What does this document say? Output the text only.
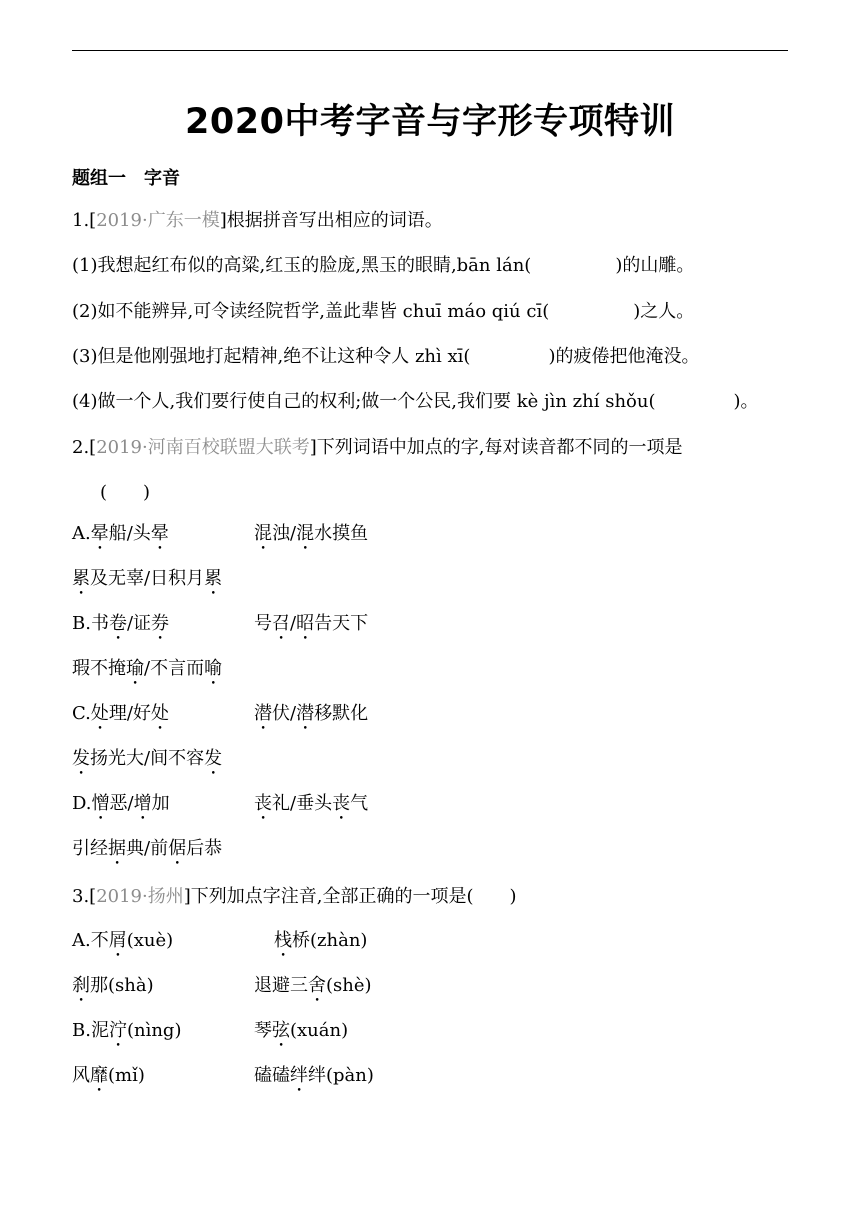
2020中考字音与字形专项特训
题组一　字音
1.[2019·广东一模]根据拼音写出相应的词语。
(1)我想起红布似的高粱,红玉的脸庞,黑玉的眼睛,bān lán(	)的山雕。
(2)如不能辨异,可令读经院哲学,盖此辈皆 chuī máo qiú cī(	)之人。
(3)但是他刚强地打起精神,绝不让这种令人 zhì xī(	)的疲倦把他淹没。
(4)做一个人,我们要行使自己的权利;做一个公民,我们要 kè jìn zhí shǒu(	)。
2.[2019·河南百校联盟大联考]下列词语中加点的字,每对读音都不同的一项是
(　　)
A.晕船/头晕	混浊/混水摸鱼
累及无辜/日积月累
B.书卷/证券	号召/昭告天下
瑕不掩瑜/不言而喻
C.处理/好处	潜伏/潜移默化
发扬光大/间不容发
D.憎恶/增加	丧礼/垂头丧气
引经据典/前倨后恭
3.[2019·扬州]下列加点字注音,全部正确的一项是(　　)
A.不屑(xuè)	栈桥(zhàn)
刹那(shà)	退避三舍(shè)
B.泥泞(nìng)	琴弦(xuán)
风靡(mǐ)	磕磕绊绊(pàn)
